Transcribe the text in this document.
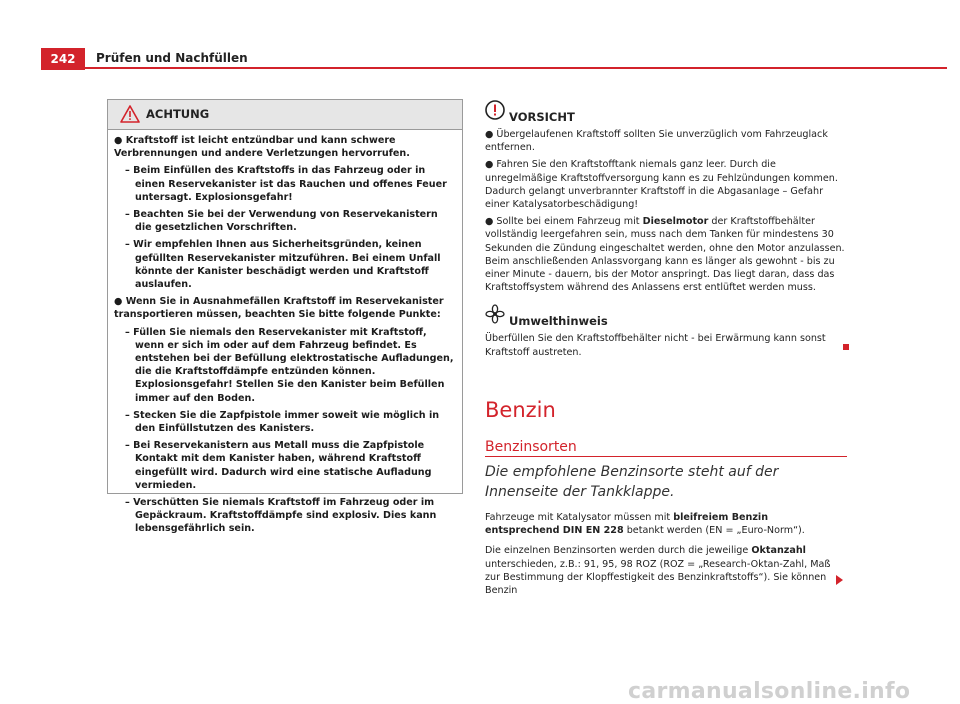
242	Prüfen und Nachfüllen
ACHTUNG

● Kraftstoff ist leicht entzündbar und kann schwere Verbrennungen und andere Verletzungen hervorrufen.

– Beim Einfüllen des Kraftstoffs in das Fahrzeug oder in einen Reservekanister ist das Rauchen und offenes Feuer untersagt. Explosionsgefahr!

– Beachten Sie bei der Verwendung von Reservekanistern die gesetzlichen Vorschriften.

– Wir empfehlen Ihnen aus Sicherheitsgründen, keinen gefüllten Reservekanister mitzuführen. Bei einem Unfall könnte der Kanister beschädigt werden und Kraftstoff auslaufen.

● Wenn Sie in Ausnahmefällen Kraftstoff im Reservekanister transportieren müssen, beachten Sie bitte folgende Punkte:

– Füllen Sie niemals den Reservekanister mit Kraftstoff, wenn er sich im oder auf dem Fahrzeug befindet. Es entstehen bei der Befüllung elektrostatische Aufladungen, die die Kraftstoffdämpfe entzünden können. Explosionsgefahr! Stellen Sie den Kanister beim Befüllen immer auf den Boden.

– Stecken Sie die Zapfpistole immer soweit wie möglich in den Einfüllstutzen des Kanisters.

– Bei Reservekanistern aus Metall muss die Zapfpistole Kontakt mit dem Kanister haben, während Kraftstoff eingefüllt wird. Dadurch wird eine statische Aufladung vermieden.

– Verschütten Sie niemals Kraftstoff im Fahrzeug oder im Gepäckraum. Kraftstoffdämpfe sind explosiv. Dies kann lebensgefährlich sein.

VORSICHT

● Übergelaufenen Kraftstoff sollten Sie unverzüglich vom Fahrzeuglack entfernen.

● Fahren Sie den Kraftstofftank niemals ganz leer. Durch die unregelmäßige Kraftstoffversorgung kann es zu Fehlzündungen kommen. Dadurch gelangt unverbrannter Kraftstoff in die Abgasanlage – Gefahr einer Katalysatorbeschädigung!

● Sollte bei einem Fahrzeug mit Dieselmotor der Kraftstoffbehälter vollständig leergefahren sein, muss nach dem Tanken für mindestens 30 Sekunden die Zündung eingeschaltet werden, ohne den Motor anzulassen. Beim anschließenden Anlassvorgang kann es länger als gewohnt - bis zu einer Minute - dauern, bis der Motor anspringt. Das liegt daran, dass das Kraftstoffsystem während des Anlassens erst entlüftet werden muss.

Umwelthinweis

Überfüllen Sie den Kraftstoffbehälter nicht - bei Erwärmung kann sonst Kraftstoff austreten.

Benzin
Benzinsorten
Die empfohlene Benzinsorte steht auf der Innenseite der Tankklappe.

Fahrzeuge mit Katalysator müssen mit bleifreiem Benzin entsprechend DIN EN 228 betankt werden (EN = „Euro-Norm“).

Die einzelnen Benzinsorten werden durch die jeweilige Oktanzahl unterschieden, z.B.: 91, 95, 98 ROZ (ROZ = „Research-Oktan-Zahl, Maß zur Bestimmung der Klopffestigkeit des Benzinkraftstoffs“). Sie können Benzin

carmanualsonline.info
